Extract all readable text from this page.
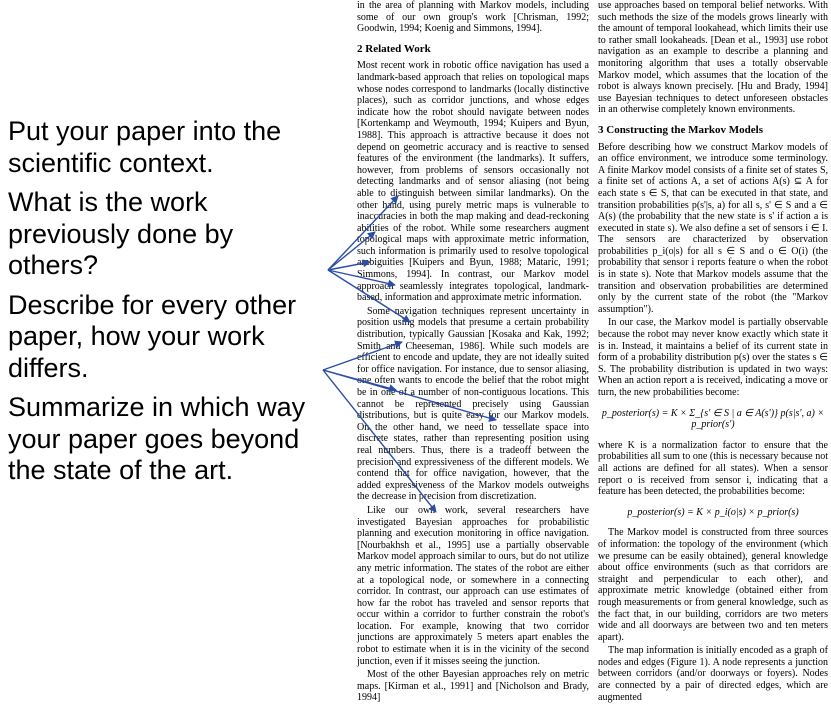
Put your paper into the scientific context.

What is the work previously done by others?

Describe for every other paper, how your work differs.

Summarize in which way your paper goes beyond the state of the art.

in the area of planning with Markov models, including some of our own group's work [Chrisman, 1992; Goodwin, 1994; Koenig and Simmons, 1994].

2 Related Work

Most recent work in robotic office navigation has used a landmark-based approach that relies on topological maps whose nodes correspond to landmarks (locally distinctive places), such as corridor junctions, and whose edges indicate how the robot should navigate between nodes [Kortenkamp and Weymouth, 1994; Kuipers and Byun, 1988]. This approach is attractive because it does not depend on geometric accuracy and is reactive to sensed features of the environment (the landmarks). It suffers, however, from problems of sensors occasionally not detecting landmarks and of sensor aliasing (not being able to distinguish between similar landmarks). On the other hand, using purely metric maps is vulnerable to inaccuracies in both the map making and dead-reckoning abilities of the robot. While some researchers augment topological maps with approximate metric information, such information is primarily used to resolve topological ambiguities [Kuipers and Byun, 1988; Mataric, 1991; Simmons, 1994]. In contrast, our Markov model approach seamlessly integrates topological, landmark-based, information and approximate metric information.

Some navigation techniques represent uncertainty in position using models that presume a certain probability distribution, typically Gaussian [Kosaka and Kak, 1992; Smith and Cheeseman, 1986]. While such models are efficient to encode and update, they are not ideally suited for office navigation. For instance, due to sensor aliasing, one often wants to encode the belief that the robot might be in one of a number of non-contiguous locations. This cannot be represented precisely using Gaussian distributions, but is quite easy for our Markov models. On the other hand, we need to tessellate space into discrete states, rather than representing position using real numbers. Thus, there is a tradeoff between the precision and expressiveness of the different models. We contend that for office navigation, however, that the added expressiveness of the Markov models outweighs the decrease in precision from discretization.

Like our own work, several researchers have investigated Bayesian approaches for probabilistic planning and execution monitoring in office navigation. [Nourbakhsh et al., 1995] use a partially observable Markov model approach similar to ours, but do not utilize any metric information. The states of the robot are either at a topological node, or somewhere in a connecting corridor. In contrast, our approach can use estimates of how far the robot has traveled and sensor reports that occur within a corridor to further constrain the robot's location. For example, knowing that two corridor junctions are approximately 5 meters apart enables the robot to estimate when it is in the vicinity of the second junction, even if it misses seeing the junction.

Most of the other Bayesian approaches rely on metric maps. [Kirman et al., 1991] and [Nicholson and Brady, 1994]

use approaches based on temporal belief networks. With such methods the size of the models grows linearly with the amount of temporal lookahead, which limits their use to rather small lookaheads. [Dean et al., 1993] use robot navigation as an example to describe a planning and monitoring algorithm that uses a totally observable Markov model, which assumes that the location of the robot is always known precisely. [Hu and Brady, 1994] use Bayesian techniques to detect unforeseen obstacles in an otherwise completely known environments.

3 Constructing the Markov Models

Before describing how we construct Markov models of an office environment, we introduce some terminology. A finite Markov model consists of a finite set of states S, a finite set of actions A, a set of actions A(s) ⊆ A for each state s ∈ S, that can be executed in that state, and transition probabilities p(s'|s, a) for all s, s' ∈ S and a ∈ A(s) (the probability that the new state is s' if action a is executed in state s). We also define a set of sensors i ∈ I. The sensors are characterized by observation probabilities p_i(o|s) for all s ∈ S and o ∈ O(i) (the probability that sensor i reports feature o when the robot is in state s). Note that Markov models assume that the transition and observation probabilities are determined only by the current state of the robot (the "Markov assumption").

In our case, the Markov model is partially observable because the robot may never know exactly which state it is in. Instead, it maintains a belief of its current state in form of a probability distribution p(s) over the states s ∈ S. The probability distribution is updated in two ways: When an action report a is received, indicating a move or turn, the new probabilities become:

p_posterior(s) = K × Σ_{s' ∈ S | a ∈ A(s')} p(s|s', a) × p_prior(s')

where K is a normalization factor to ensure that the probabilities all sum to one (this is necessary because not all actions are defined for all states). When a sensor report o is received from sensor i, indicating that a feature has been detected, the probabilities become:

p_posterior(s) = K × p_i(o|s) × p_prior(s)

The Markov model is constructed from three sources of information: the topology of the environment (which we presume can be easily obtained), general knowledge about office environments (such as that corridors are straight and perpendicular to each other), and approximate metric knowledge (obtained either from rough measurements or from general knowledge, such as the fact that, in our building, corridors are two meters wide and all doorways are between two and ten meters apart).

The map information is initially encoded as a graph of nodes and edges (Figure 1). A node represents a junction between corridors (and/or doorways or foyers). Nodes are connected by a pair of directed edges, which are augmented
